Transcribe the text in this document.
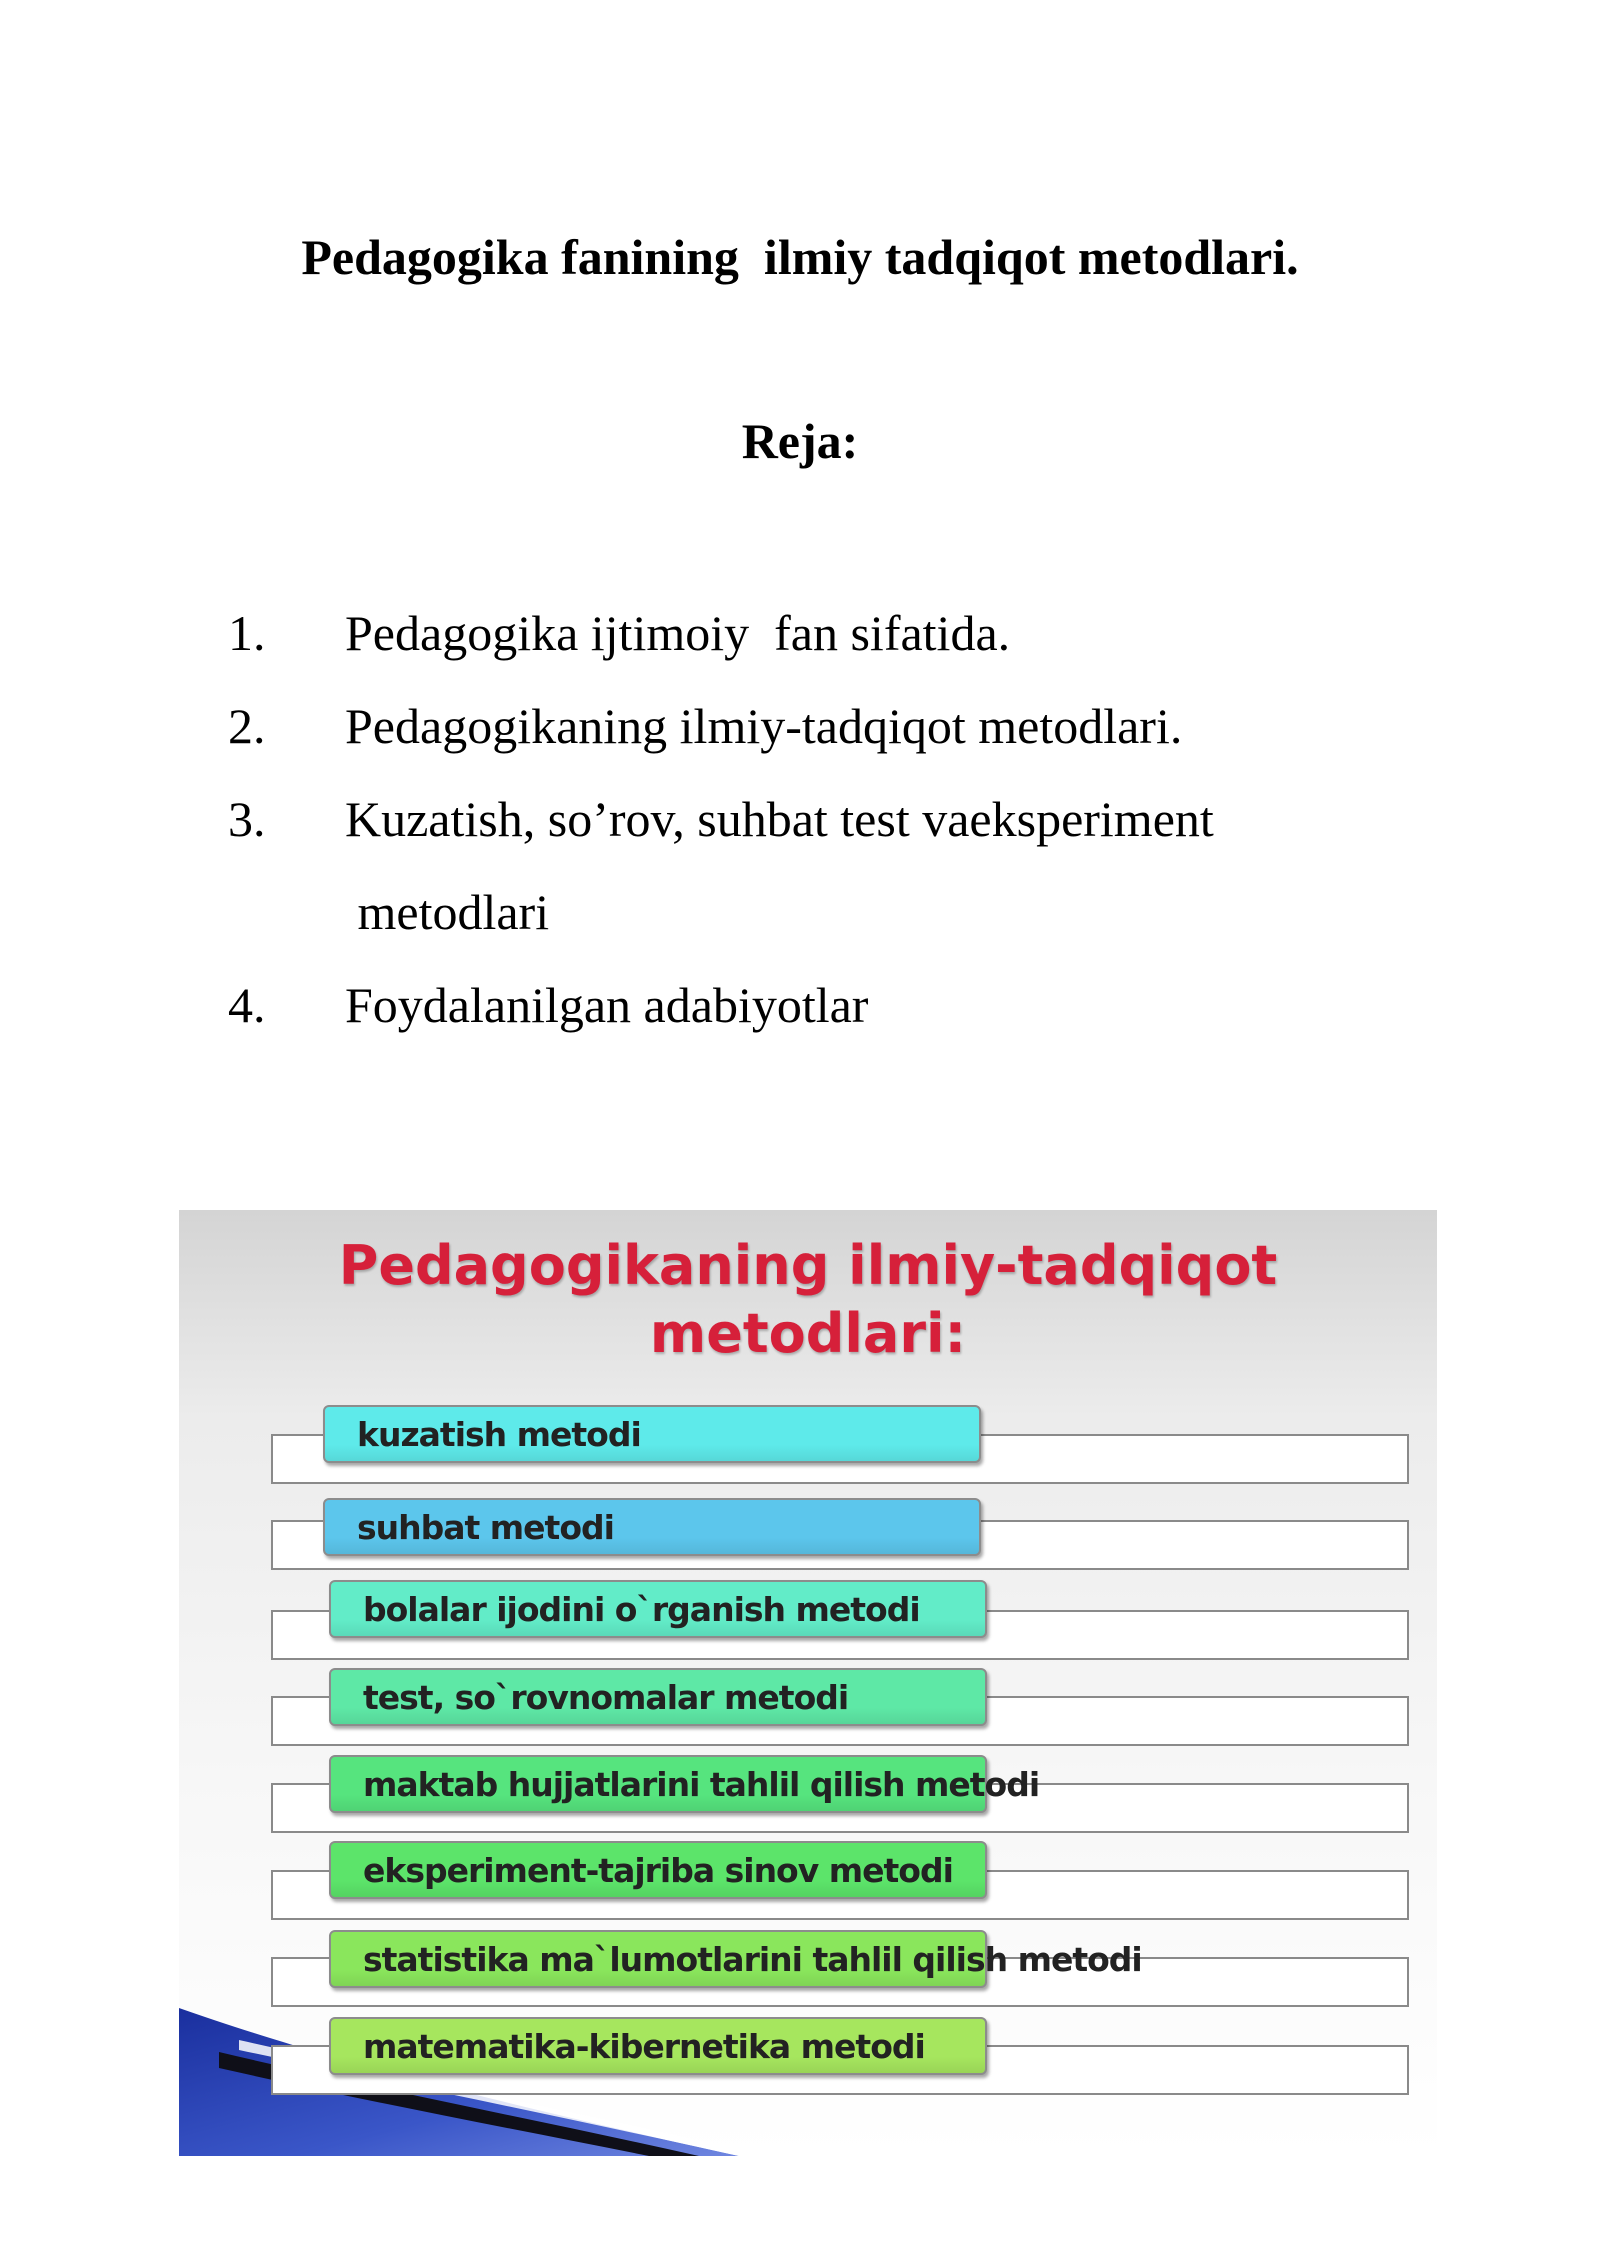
Pedagogika fanining  ilmiy tadqiqot metodlari.
Reja:
1. Pedagogika ijtimoiy  fan sifatida.
2. Pedagogikaning ilmiy-tadqiqot metodlari.
3. Kuzatish, so’rov, suhbat test vaeksperiment
metodlari
4. Foydalanilgan adabiyotlar
Pedagogikaning ilmiy-tadqiqot
metodlari:
kuzatish metodi
suhbat metodi
bolalar ijodini o`rganish metodi
test, so`rovnomalar metodi
maktab hujjatlarini tahlil qilish metodi
eksperiment-tajriba sinov metodi
statistika ma`lumotlarini tahlil qilish metodi
matematika-kibernetika metodi
